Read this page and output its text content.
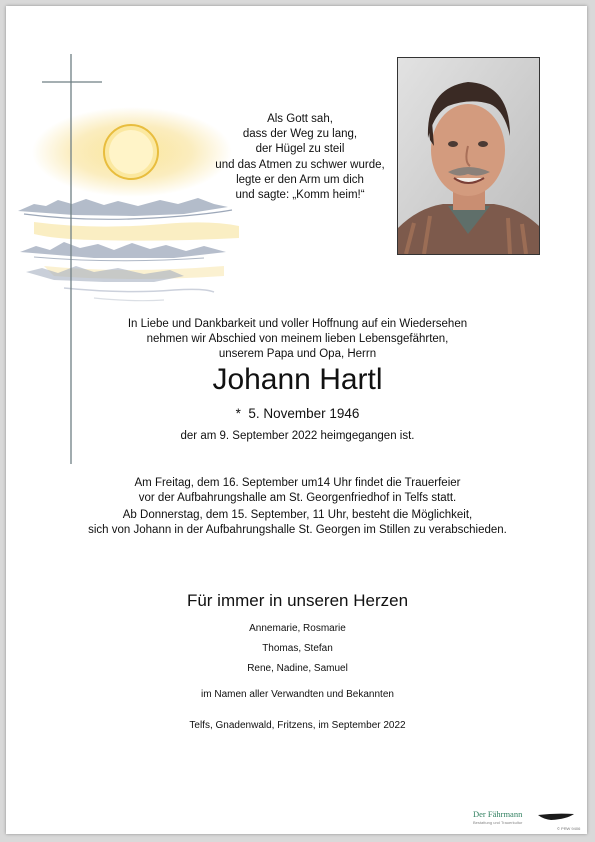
Als Gott sah,
dass der Weg zu lang,
der Hügel zu steil
und das Atmen zu schwer wurde,
legte er den Arm um dich
und sagte: „Komm heim!“
In Liebe und Dankbarkeit und voller Hoffnung auf ein Wiedersehen
nehmen wir Abschied von meinem lieben Lebensgefährten,
unserem Papa und Opa, Herrn
Johann Hartl
* 5. November 1946
der am 9. September 2022 heimgegangen ist.
Am Freitag, dem 16. September um14 Uhr findet die Trauerfeier
vor der Aufbahrungshalle am St. Georgenfriedhof in Telfs statt.
Ab Donnerstag, dem 15. September, 11 Uhr, besteht die Möglichkeit,
sich von Johann in der Aufbahrungshalle St. Georgen im Stillen zu verabschieden.
Für immer in unseren Herzen
Annemarie, Rosmarie
Thomas, Stefan
Rene, Nadine, Samuel
im Namen aller Verwandten und Bekannten
Telfs, Gnadenwald, Fritzens, im September 2022
Der Fährmann
Bestattung und Trauerkultur
© PRW 9406
